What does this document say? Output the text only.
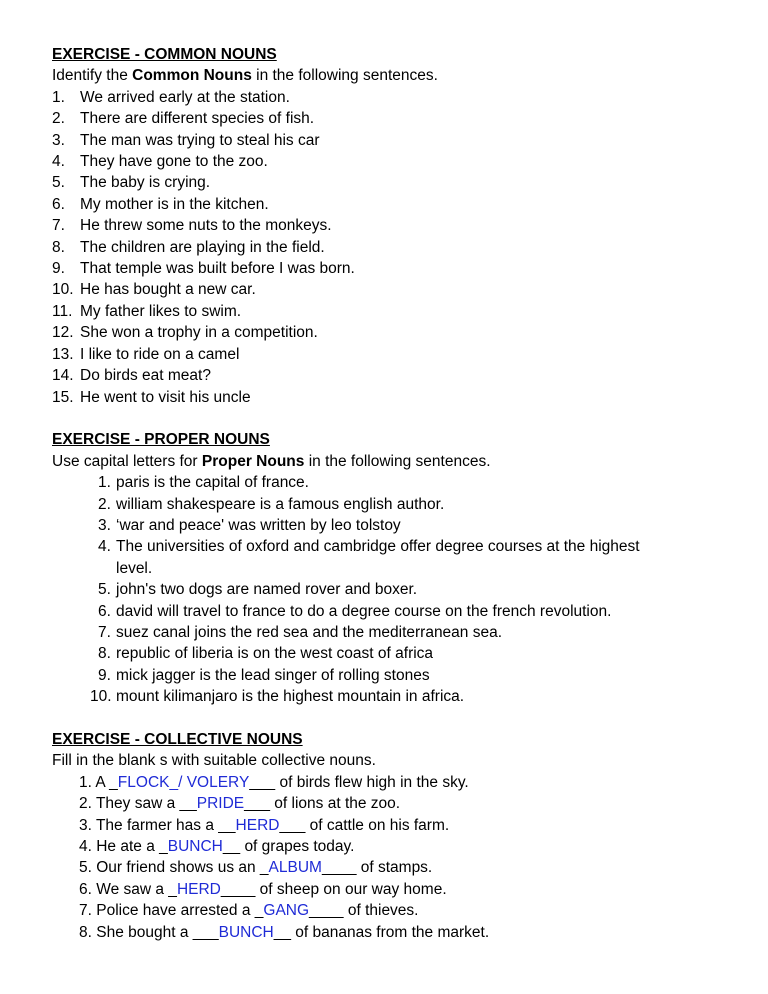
EXERCISE - COMMON NOUNS
Identify the Common Nouns in the following sentences.
1. We arrived early at the station.
2. There are different species of fish.
3. The man was trying to steal his car
4. They have gone to the zoo.
5. The baby is crying.
6. My mother is in the kitchen.
7. He threw some nuts to the monkeys.
8. The children are playing in the field.
9. That temple was built before I was born.
10. He has bought a new car.
11. My father likes to swim.
12. She won a trophy in a competition.
13. I like to ride on a camel
14. Do birds eat meat?
15. He went to visit his uncle
EXERCISE - PROPER NOUNS
Use capital letters for Proper Nouns in the following sentences.
1. paris is the capital of france.
2. william shakespeare is a famous english author.
3. ‘war and peace' was written by leo tolstoy
4. The universities of oxford and cambridge offer degree courses at the highest
level.
5. john's two dogs are named rover and boxer.
6. david will travel to france to do a degree course on the french revolution.
7. suez canal joins the red sea and the mediterranean sea.
8. republic of liberia is on the west coast of africa
9. mick jagger is the lead singer of rolling stones
10. mount kilimanjaro is the highest mountain in africa.
EXERCISE - COLLECTIVE NOUNS
Fill in the blank s with suitable collective nouns.
1. A _FLOCK_/ VOLERY___ of birds flew high in the sky.
2. They saw a __PRIDE___ of lions at the zoo.
3. The farmer has a __HERD___ of cattle on his farm.
4. He ate a _BUNCH__ of grapes today.
5. Our friend shows us an _ALBUM____ of stamps.
6. We saw a _HERD____ of sheep on our way home.
7. Police have arrested a _GANG____ of thieves.
8. She bought a ___BUNCH__ of bananas from the market.
